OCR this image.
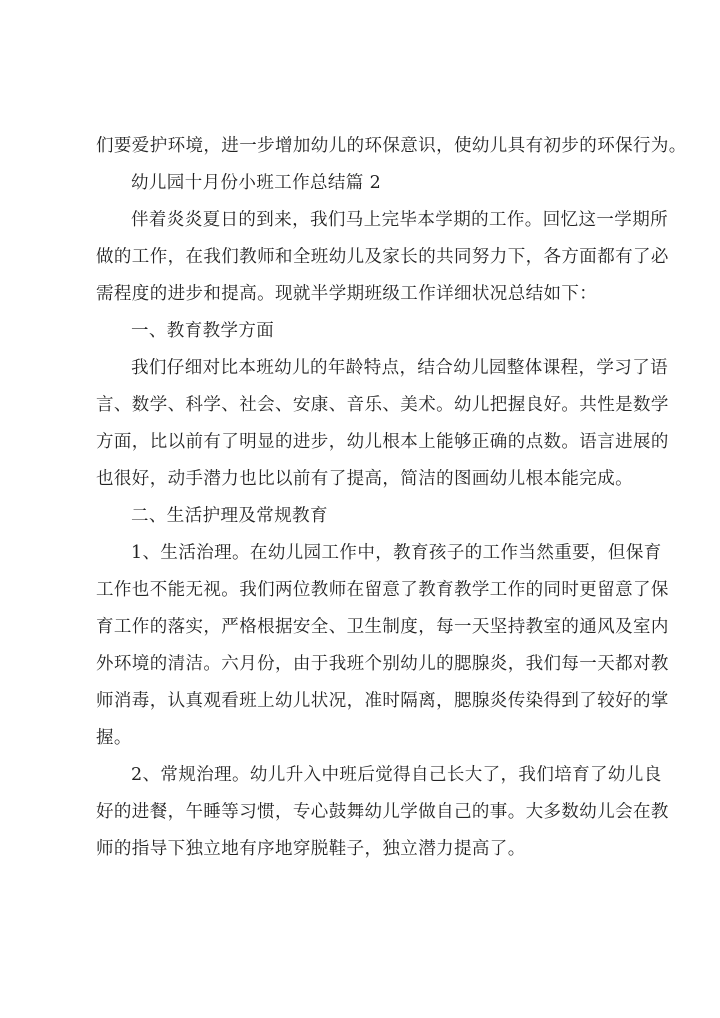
们要爱护环境，进一步增加幼儿的环保意识，使幼儿具有初步的环保行为。
幼儿园十月份小班工作总结篇 2
伴着炎炎夏日的到来，我们马上完毕本学期的工作。回忆这一学期所
做的工作，在我们教师和全班幼儿及家长的共同努力下，各方面都有了必
需程度的进步和提高。现就半学期班级工作详细状况总结如下：
一、教育教学方面
我们仔细对比本班幼儿的年龄特点，结合幼儿园整体课程，学习了语
言、数学、科学、社会、安康、音乐、美术。幼儿把握良好。共性是数学
方面，比以前有了明显的进步，幼儿根本上能够正确的点数。语言进展的
也很好，动手潜力也比以前有了提高，简洁的图画幼儿根本能完成。
二、生活护理及常规教育
1、生活治理。在幼儿园工作中，教育孩子的工作当然重要，但保育
工作也不能无视。我们两位教师在留意了教育教学工作的同时更留意了保
育工作的落实，严格根据安全、卫生制度，每一天坚持教室的通风及室内
外环境的清洁。六月份，由于我班个别幼儿的腮腺炎，我们每一天都对教
师消毒，认真观看班上幼儿状况，准时隔离，腮腺炎传染得到了较好的掌
握。
2、常规治理。幼儿升入中班后觉得自己长大了，我们培育了幼儿良
好的进餐，午睡等习惯，专心鼓舞幼儿学做自己的事。大多数幼儿会在教
师的指导下独立地有序地穿脱鞋子，独立潜力提高了。
